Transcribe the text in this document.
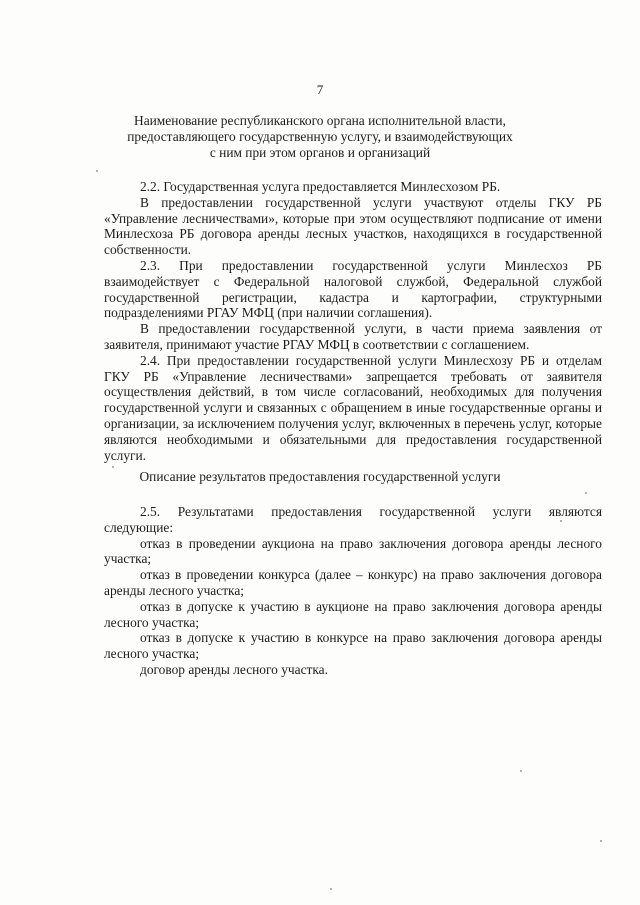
7
Наименование республиканского органа исполнительной власти,
предоставляющего государственную услугу, и взаимодействующих
с ним при этом органов и организаций

2.2. Государственная услуга предоставляется Минлесхозом РБ.

В предоставлении государственной услуги участвуют отделы ГКУ РБ «Управление лесничествами», которые при этом осуществляют подписание от имени Минлесхоза РБ договора аренды лесных участков, находящихся в государственной собственности.

2.3. При предоставлении государственной услуги Минлесхоз РБ взаимодействует с Федеральной налоговой службой, Федеральной службой государственной регистрации, кадастра и картографии, структурными подразделениями РГАУ МФЦ (при наличии соглашения).

В предоставлении государственной услуги, в части приема заявления от заявителя, принимают участие РГАУ МФЦ в соответствии с соглашением.

2.4. При предоставлении государственной услуги Минлесхозу РБ и отделам ГКУ РБ «Управление лесничествами» запрещается требовать от заявителя осуществления действий, в том числе согласований, необходимых для получения государственной услуги и связанных с обращением в иные государственные органы и организации, за исключением получения услуг, включенных в перечень услуг, которые являются необходимыми и обязательными для предоставления государственной услуги.

Описание результатов предоставления государственной услуги

2.5. Результатами предоставления государственной услуги являются следующие:

отказ в проведении аукциона на право заключения договора аренды лесного участка;

отказ в проведении конкурса (далее – конкурс) на право заключения договора аренды лесного участка;

отказ в допуске к участию в аукционе на право заключения договора аренды лесного участка;

отказ в допуске к участию в конкурсе на право заключения договора аренды лесного участка;

договор аренды лесного участка.
